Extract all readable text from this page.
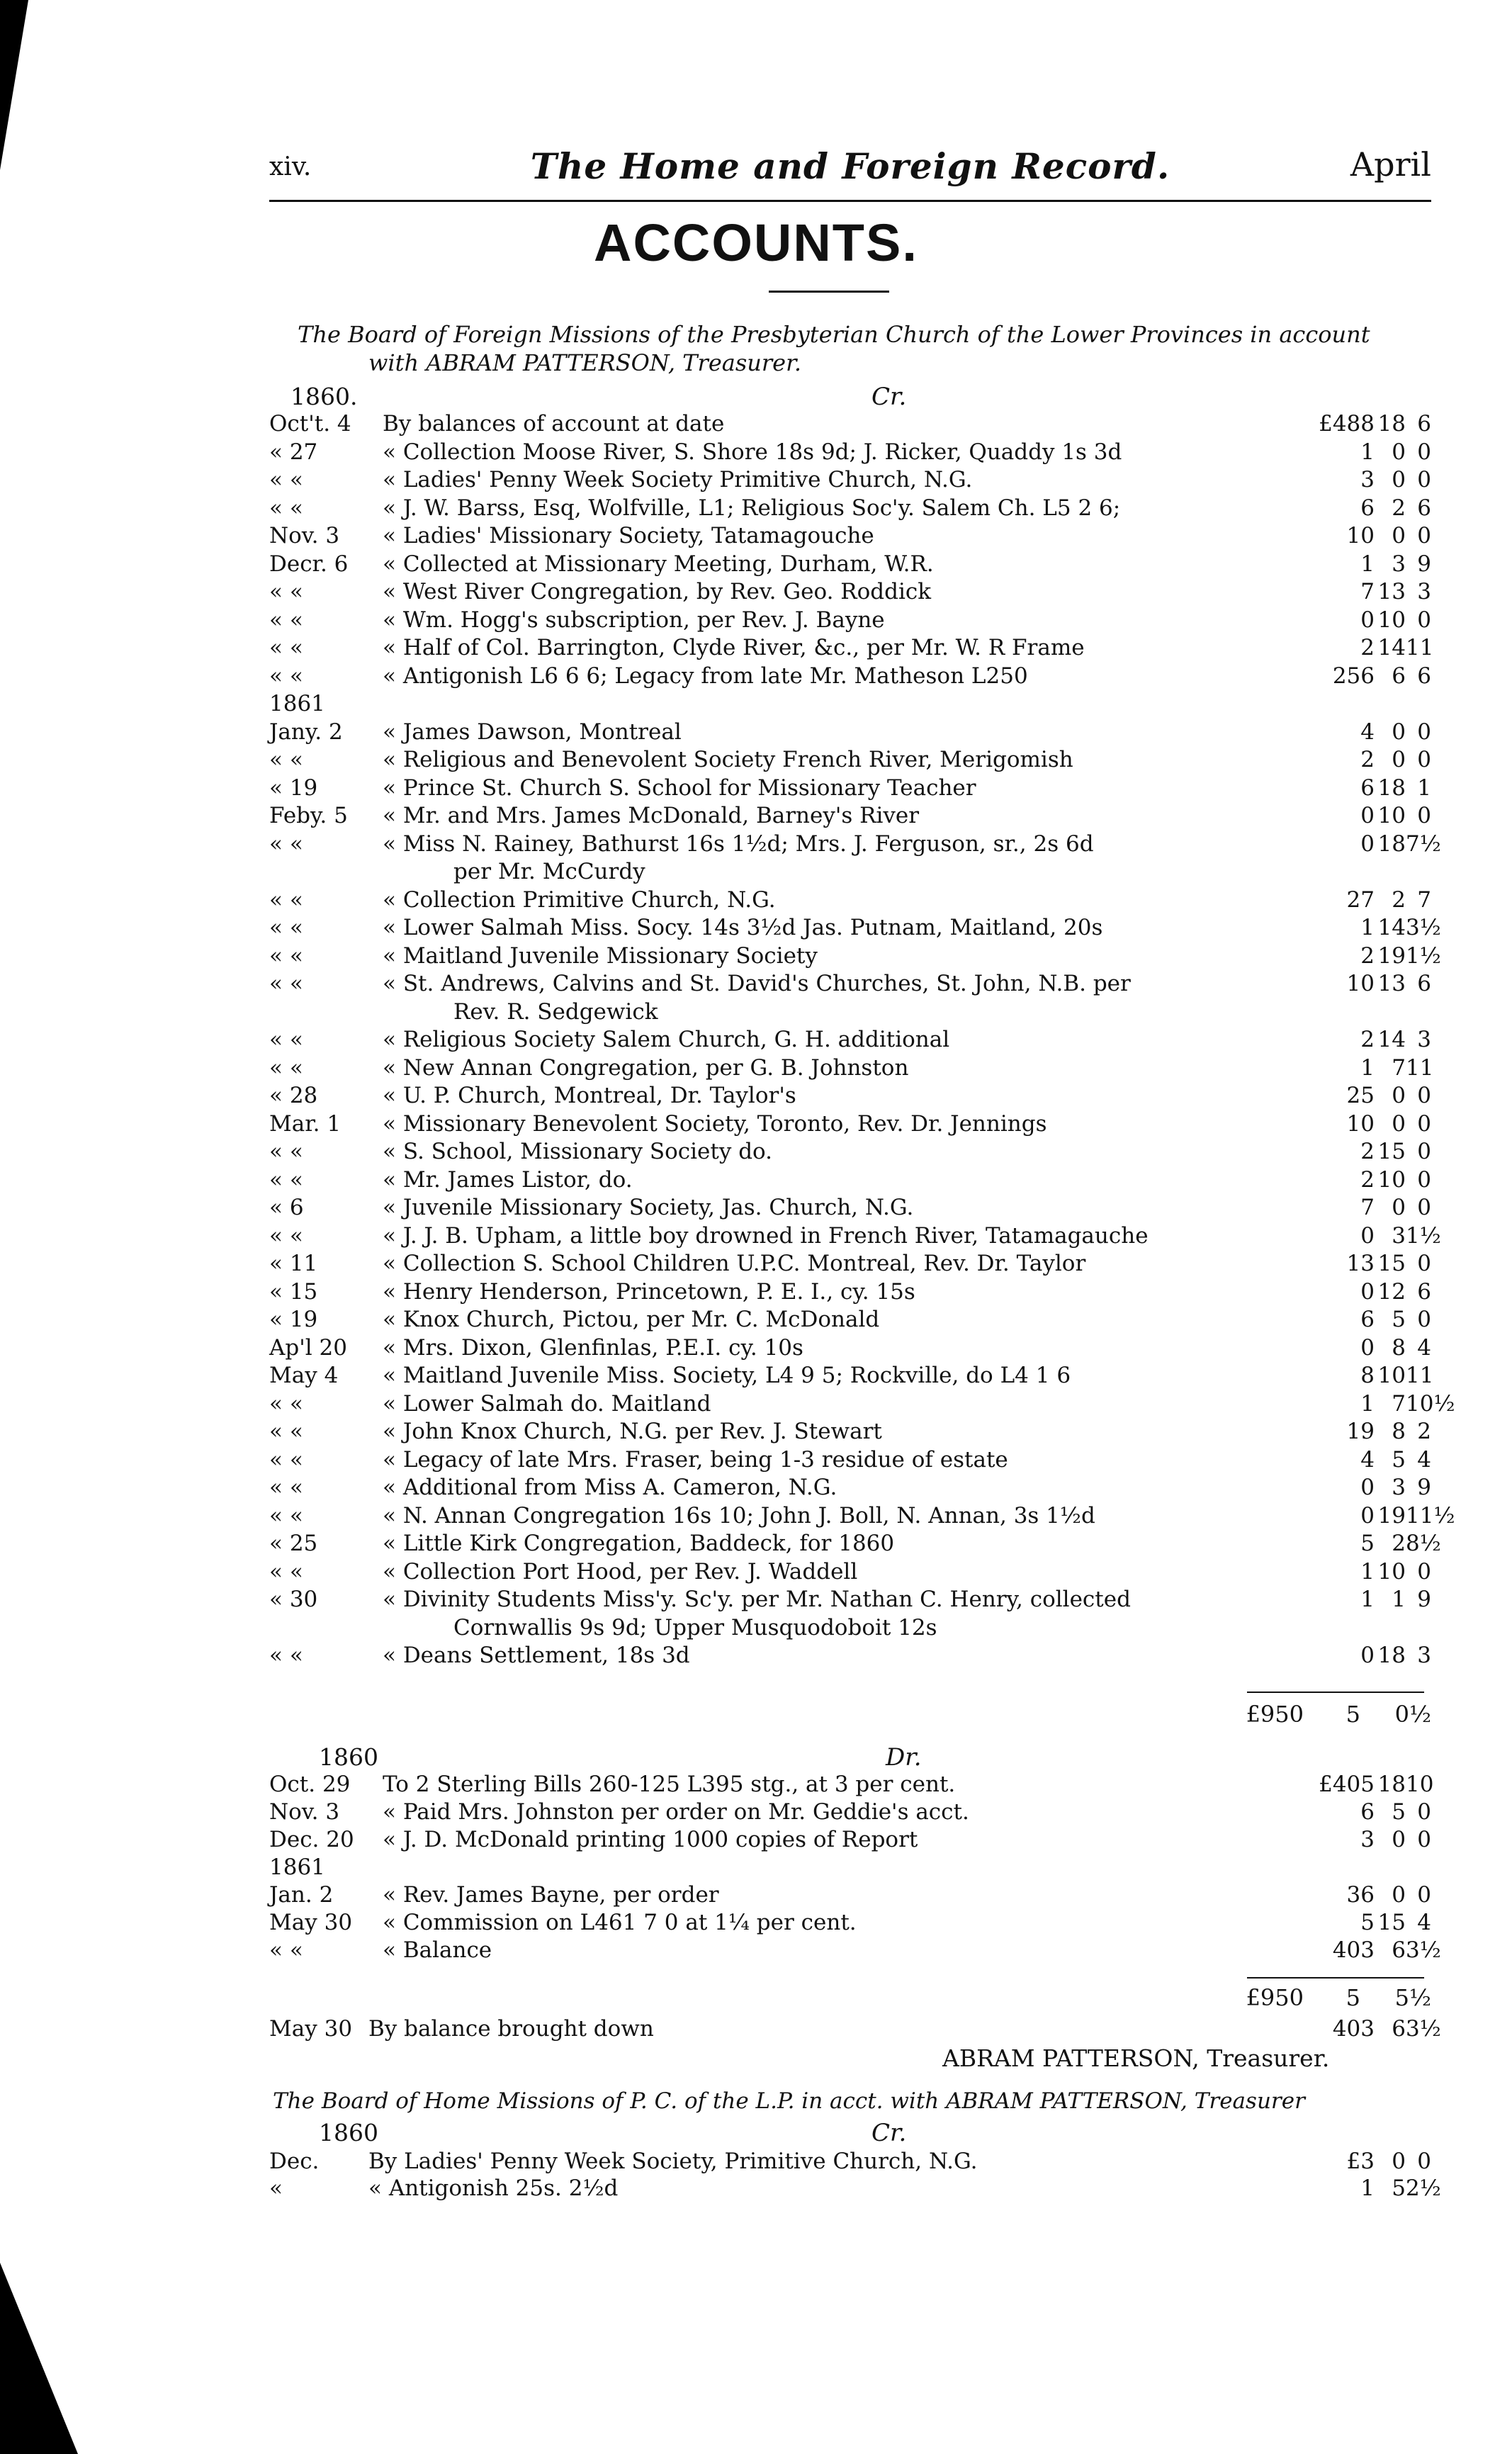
xiv.	The Home and Foreign Record.	April
ACCOUNTS.
The Board of Foreign Missions of the Presbyterian Church of the Lower Provinces in account
with ABRAM PATTERSON, Treasurer.
1860.	Cr.
Oct't. 4	By balances of account at date	£488 18 6
« 27	« Collection Moose River, S. Shore 18s 9d; J. Ricker, Quaddy 1s 3d	1 0 0
« «	« Ladies' Penny Week Society Primitive Church, N.G.	3 0 0
« «	« J. W. Barss, Esq, Wolfville, L1; Religious Soc'y. Salem Ch. L5 2 6;	6 2 6
Nov. 3	« Ladies' Missionary Society, Tatamagouche	10 0 0
Decr. 6	« Collected at Missionary Meeting, Durham, W.R.	1 3 9
« «	« West River Congregation, by Rev. Geo. Roddick	7 13 3
« «	« Wm. Hogg's subscription, per Rev. J. Bayne	0 10 0
« «	« Half of Col. Barrington, Clyde River, &c., per Mr. W. R Frame	2 1411
« «	« Antigonish L6 6 6; Legacy from late Mr. Matheson L250	256 6 6
1861
Jany. 2	« James Dawson, Montreal	4 0 0
« «	« Religious and Benevolent Society French River, Merigomish	2 0 0
« 19	« Prince St. Church S. School for Missionary Teacher	6 18 1
Feby. 5	« Mr. and Mrs. James McDonald, Barney's River	0 10 0
« «	« Miss N. Rainey, Bathurst 16s 1½d; Mrs. J. Ferguson, sr., 2s 6d	0 187½
per Mr. McCurdy
« «	« Collection Primitive Church, N.G.	27 2 7
« «	« Lower Salmah Miss. Socy. 14s 3½d Jas. Putnam, Maitland, 20s	1 143½
« «	« Maitland Juvenile Missionary Society	2 191½
« «	« St. Andrews, Calvins and St. David's Churches, St. John, N.B. per	10 13 6
Rev. R. Sedgewick
« «	« Religious Society Salem Church, G. H. additional	2 14 3
« «	« New Annan Congregation, per G. B. Johnston	1 711
« 28	« U. P. Church, Montreal, Dr. Taylor's	25 0 0
Mar. 1	« Missionary Benevolent Society, Toronto, Rev. Dr. Jennings	10 0 0
« «	« S. School, Missionary Society do.	2 15 0
« «	« Mr. James Listor, do.	2 10 0
« 6	« Juvenile Missionary Society, Jas. Church, N.G.	7 0 0
« «	« J. J. B. Upham, a little boy drowned in French River, Tatamagauche	0 31½
« 11	« Collection S. School Children U.P.C. Montreal, Rev. Dr. Taylor	13 15 0
« 15	« Henry Henderson, Princetown, P. E. I., cy. 15s	0 12 6
« 19	« Knox Church, Pictou, per Mr. C. McDonald	6 5 0
Ap'l 20	« Mrs. Dixon, Glenfinlas, P.E.I. cy. 10s	0 8 4
May 4	« Maitland Juvenile Miss. Society, L4 9 5; Rockville, do L4 1 6	8 1011
« «	« Lower Salmah do. Maitland	1 710½
« «	« John Knox Church, N.G. per Rev. J. Stewart	19 8 2
« «	« Legacy of late Mrs. Fraser, being 1-3 residue of estate	4 5 4
« «	« Additional from Miss A. Cameron, N.G.	0 3 9
« «	« N. Annan Congregation 16s 10; John J. Boll, N. Annan, 3s 1½d	0 1911½
« 25	« Little Kirk Congregation, Baddeck, for 1860	5 28½
« «	« Collection Port Hood, per Rev. J. Waddell	1 10 0
« 30	« Divinity Students Miss'y. Sc'y. per Mr. Nathan C. Henry, collected	1 1 9
Cornwallis 9s 9d; Upper Musquodoboit 12s
« «	« Deans Settlement, 18s 3d	0 18 3
£950	5	0½
1860	Dr.
Oct. 29	To 2 Sterling Bills 260-125 L395 stg., at 3 per cent.	£405 1810
Nov. 3	« Paid Mrs. Johnston per order on Mr. Geddie's acct.	6 5 0
Dec. 20	« J. D. McDonald printing 1000 copies of Report	3 0 0
1861
Jan. 2	« Rev. James Bayne, per order	36 0 0
May 30	« Commission on L461 7 0 at 1¼ per cent.	5 15 4
« «	« Balance	403 63½
£950	5	5½
May 30 By balance brought down	403 63½
ABRAM PATTERSON, Treasurer.
The Board of Home Missions of P. C. of the L.P. in acct. with ABRAM PATTERSON, Treasurer
1860	Cr.
Dec.	By Ladies' Penny Week Society, Primitive Church, N.G.	£3 0 0
«	« Antigonish 25s. 2½d	1 52½
